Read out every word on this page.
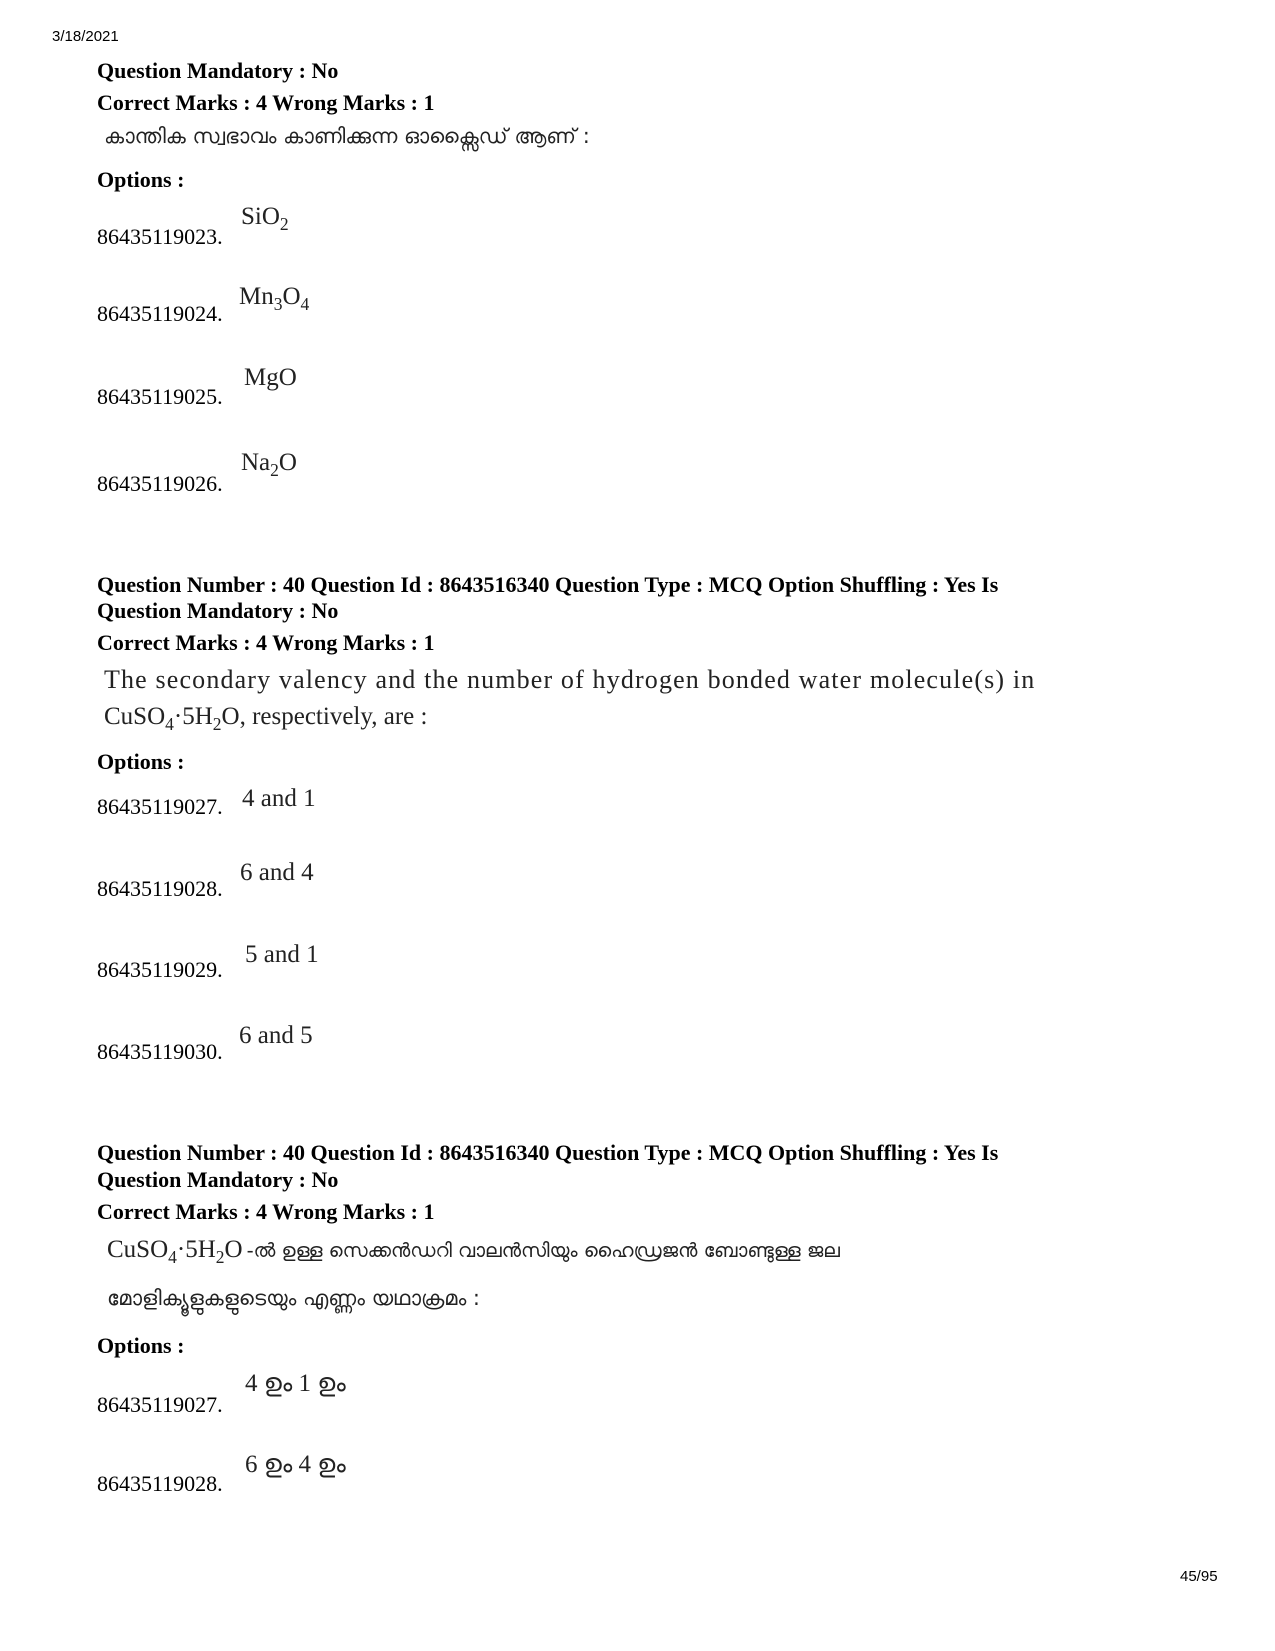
3/18/2021
Question Mandatory : No
Correct Marks : 4 Wrong Marks : 1
കാന്തിക സ്വഭാവം കാണിക്കുന്ന ഓക്സൈഡ് ആണ് :
Options :
86435119023.
SiO$_2$
86435119024.
$Mn_3O_4$
86435119025.
MgO
86435119026.
$Na_2O$
Question Number : 40 Question Id : 8643516340 Question Type : MCQ Option Shuffling : Yes Is
Question Mandatory : No
Correct Marks : 4 Wrong Marks : 1
The secondary valency and the number of hydrogen bonded water molecule(s) in
$CuSO_4\cdot 5H_2O$, respectively, are :
Options :
86435119027. 4 and 1
86435119028.
6 and 4
86435119029.
5 and 1
86435119030.
6 and 5
Question Number : 40 Question Id : 8643516340 Question Type : MCQ Option Shuffling : Yes Is
Question Mandatory : No
Correct Marks : 4 Wrong Marks : 1
$CuSO_4\cdot 5H_2O$ -ൽ ഉള്ള സെക്കൻഡറി വാലൻസിയും ഹൈഡ്രജൻ ബോണ്ടുള്ള ജല
മോളിക്യൂളുകളുടെയും എണ്ണം യഥാക്രമം :
Options :
86435119027.
4 ഉം 1 ഉം
86435119028.
6 ഉം 4 ഉം
45/95
